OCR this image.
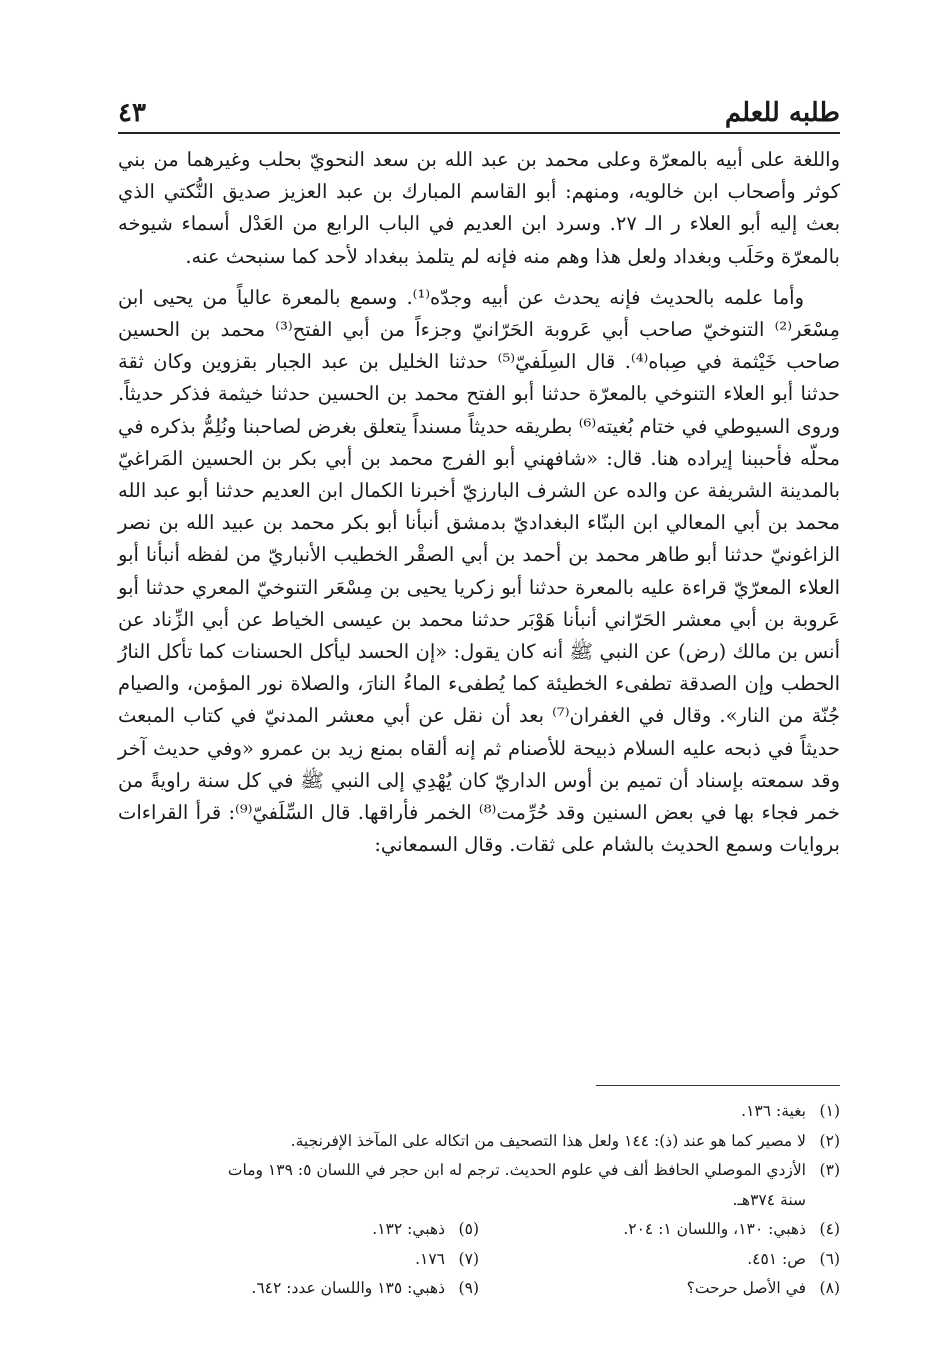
طلبه للعلم
٤٣

واللغة على أبيه بالمعرّة وعلى محمد بن عبد الله بن سعد النحويّ بحلب وغيرهما من بني كوثر وأصحاب ابن خالويه، ومنهم: أبو القاسم المبارك بن عبد العزيز صديق النُّكتي الذي بعث إليه أبو العلاء ر الـ ٢٧. وسرد ابن العديم في الباب الرابع من العَدْل أسماء شيوخه بالمعرّة وحَلَب وبغداد ولعل هذا وهم منه فإنه لم يتلمذ ببغداد لأحد كما سنبحث عنه.

وأما علمه بالحديث فإنه يحدث عن أبيه وجدّه⁽¹⁾. وسمع بالمعرة عالياً من يحيى ابن مِسْعَر⁽²⁾ التنوخيّ صاحب أبي عَروبة الحَرّانيّ وجزءاً من أبي الفتح⁽³⁾ محمد بن الحسين صاحب خَيْثمة في صِباه⁽⁴⁾. قال السِلَفيّ⁽⁵⁾ حدثنا الخليل بن عبد الجبار بقزوين وكان ثقة حدثنا أبو العلاء التنوخي بالمعرّة حدثنا أبو الفتح محمد بن الحسين حدثنا خيثمة فذكر حديثاً. وروى السيوطي في ختام بُغيته⁽⁶⁾ بطريقه حديثاً مسنداً يتعلق بغرض لصاحبنا ونُلِمُّ بذكره في محلّه فأحببنا إيراده هنا. قال: «شافهني أبو الفرج محمد بن أبي بكر بن الحسين المَراغيّ بالمدينة الشريفة عن والده عن الشرف البارزيّ أخبرنا الكمال ابن العديم حدثنا أبو عبد الله محمد بن أبي المعالي ابن البنّاء البغداديّ بدمشق أنبأنا أبو بكر محمد بن عبيد الله بن نصر الزاغونيّ حدثنا أبو طاهر محمد بن أحمد بن أبي الصقْر الخطيب الأنباريّ من لفظه أنبأنا أبو العلاء المعرّيّ قراءة عليه بالمعرة حدثنا أبو زكريا يحيى بن مِسْعَر التنوخيّ المعري حدثنا أبو عَروبة بن أبي معشر الحَرّاني أنبأنا هَوْبَر حدثنا محمد بن عيسى الخياط عن أبي الزِّناد عن أنس بن مالك (رض) عن النبي ﷺ أنه كان يقول: «إن الحسد ليأكل الحسنات كما تأكل النارُ الحطب وإن الصدقة تطفىء الخطيئة كما يُطفىء الماءُ النارَ، والصلاة نور المؤمن، والصيام جُنّة من النار». وقال في الغفران⁽⁷⁾ بعد أن نقل عن أبي معشر المدنيّ في كتاب المبعث حديثاً في ذبحه عليه السلام ذبيحة للأصنام ثم إنه ألقاه بمنع زيد بن عمرو «وفي حديث آخر وقد سمعته بإسناد أن تميم بن أوس الداريّ كان يُهْدِي إلى النبي ﷺ في كل سنة راويةً من خمر فجاء بها في بعض السنين وقد حُرِّمت⁽⁸⁾ الخمر فأراقها. قال السِّلَفيّ⁽⁹⁾: قرأ القراءات بروايات وسمع الحديث بالشام على ثقات. وقال السمعاني:

(١)
بغية: ١٣٦.
(٢)
لا مصير كما هو عند (ذ): ١٤٤ ولعل هذا التصحيف من اتكاله على المآخذ الإفرنجية.
(٣)
الأزدي الموصلي الحافظ ألف في علوم الحديث. ترجم له ابن حجر في اللسان ٥: ١٣٩ ومات
سنة ٣٧٤هـ.
(٤)
ذهبي: ١٣٠، واللسان ١: ٢٠٤.
(٥)
ذهبي: ١٣٢.
(٦)
ص: ٤٥١.
(٧)
١٧٦.
(٨)
في الأصل حرحت؟
(٩)
ذهبي: ١٣٥ واللسان عدد: ٦٤٢.
